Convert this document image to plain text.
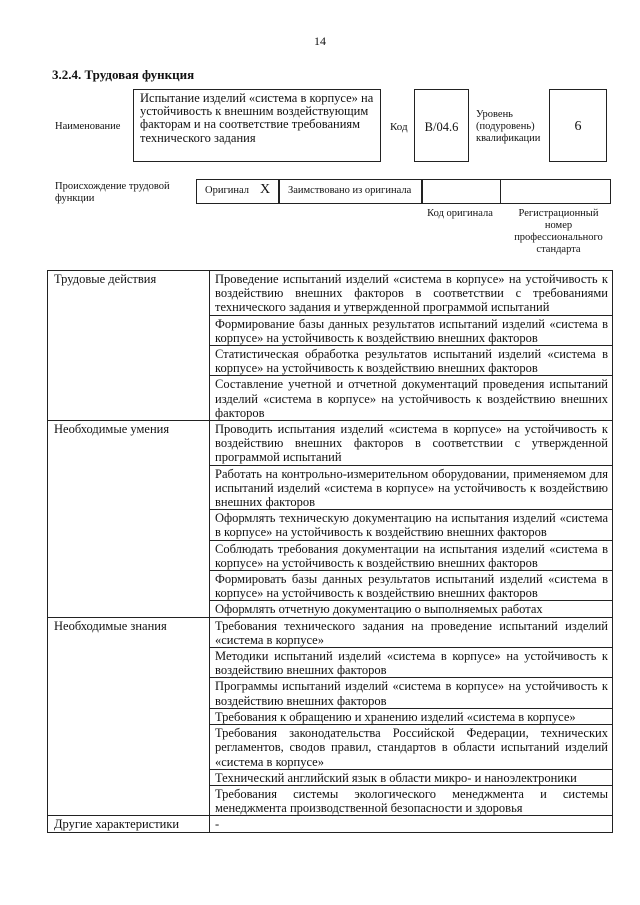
14
3.2.4. Трудовая функция
Наименование
Испытание изделий «система в корпусе» на устойчивость к внешним воздействующим факторам и на соответствие требованиям технического задания
Код	B/04.6
Уровень (подуровень) квалификации
6
Происхождение трудовой функции
Оригинал X	Заимствовано из оригинала
Код оригинала	Регистрационный номер профессионального стандарта
Трудовые действия	Проведение испытаний изделий «система в корпусе» на устойчивость к воздействию внешних факторов в соответствии с требованиями технического задания и утвержденной программой испытаний
	Формирование базы данных результатов испытаний изделий «система в корпусе» на устойчивость к воздействию внешних факторов
	Статистическая обработка результатов испытаний изделий «система в корпусе» на устойчивость к воздействию внешних факторов
	Составление учетной и отчетной документаций проведения испытаний изделий «система в корпусе» на устойчивость к воздействию внешних факторов
Необходимые умения	Проводить испытания изделий «система в корпусе» на устойчивость к воздействию внешних факторов в соответствии с утвержденной программой испытаний
	Работать на контрольно-измерительном оборудовании, применяемом для испытаний изделий «система в корпусе» на устойчивость к воздействию внешних факторов
	Оформлять техническую документацию на испытания изделий «система в корпусе» на устойчивость к воздействию внешних факторов
	Соблюдать требования документации на испытания изделий «система в корпусе» на устойчивость к воздействию внешних факторов
	Формировать базы данных результатов испытаний изделий «система в корпусе» на устойчивость к воздействию внешних факторов
	Оформлять отчетную документацию о выполняемых работах
Необходимые знания	Требования технического задания на проведение испытаний изделий «система в корпусе»
	Методики испытаний изделий «система в корпусе» на устойчивость к воздействию внешних факторов
	Программы испытаний изделий «система в корпусе» на устойчивость к воздействию внешних факторов
	Требования к обращению и хранению изделий «система в корпусе»
	Требования законодательства Российской Федерации, технических регламентов, сводов правил, стандартов в области испытаний изделий «система в корпусе»
	Технический английский язык в области микро- и наноэлектроники
	Требования системы экологического менеджмента и системы менеджмента производственной безопасности и здоровья
Другие характеристики	-
